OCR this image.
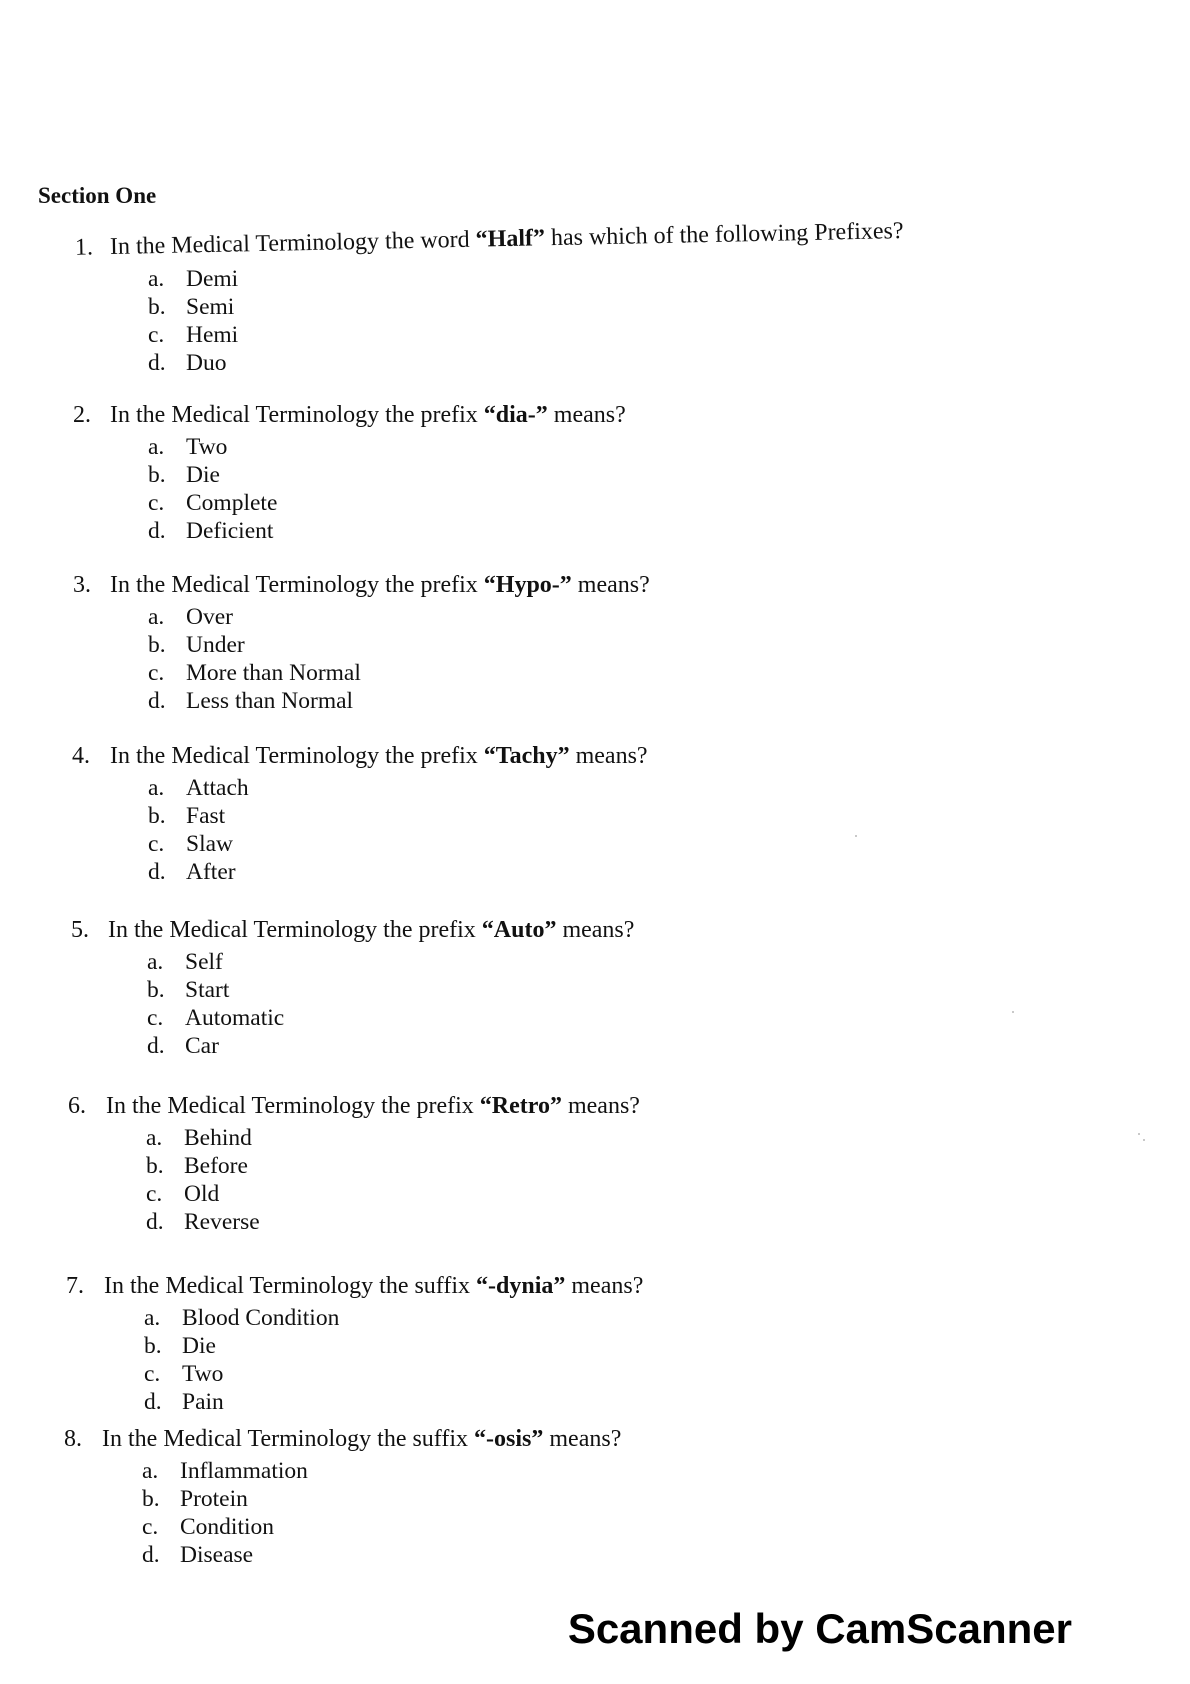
Section One
1. In the Medical Terminology the word “Half” has which of the following Prefixes?
a. Demi
b. Semi
c. Hemi
d. Duo
2. In the Medical Terminology the prefix “dia-” means?
a. Two
b. Die
c. Complete
d. Deficient
3. In the Medical Terminology the prefix “Hypo-” means?
a. Over
b. Under
c. More than Normal
d. Less than Normal
4. In the Medical Terminology the prefix “Tachy” means?
a. Attach
b. Fast
c. Slaw
d. After
5. In the Medical Terminology the prefix “Auto” means?
a. Self
b. Start
c. Automatic
d. Car
6. In the Medical Terminology the prefix “Retro” means?
a. Behind
b. Before
c. Old
d. Reverse
7. In the Medical Terminology the suffix “-dynia” means?
a. Blood Condition
b. Die
c. Two
d. Pain
8. In the Medical Terminology the suffix “-osis” means?
a. Inflammation
b. Protein
c. Condition
d. Disease
Scanned by CamScanner
